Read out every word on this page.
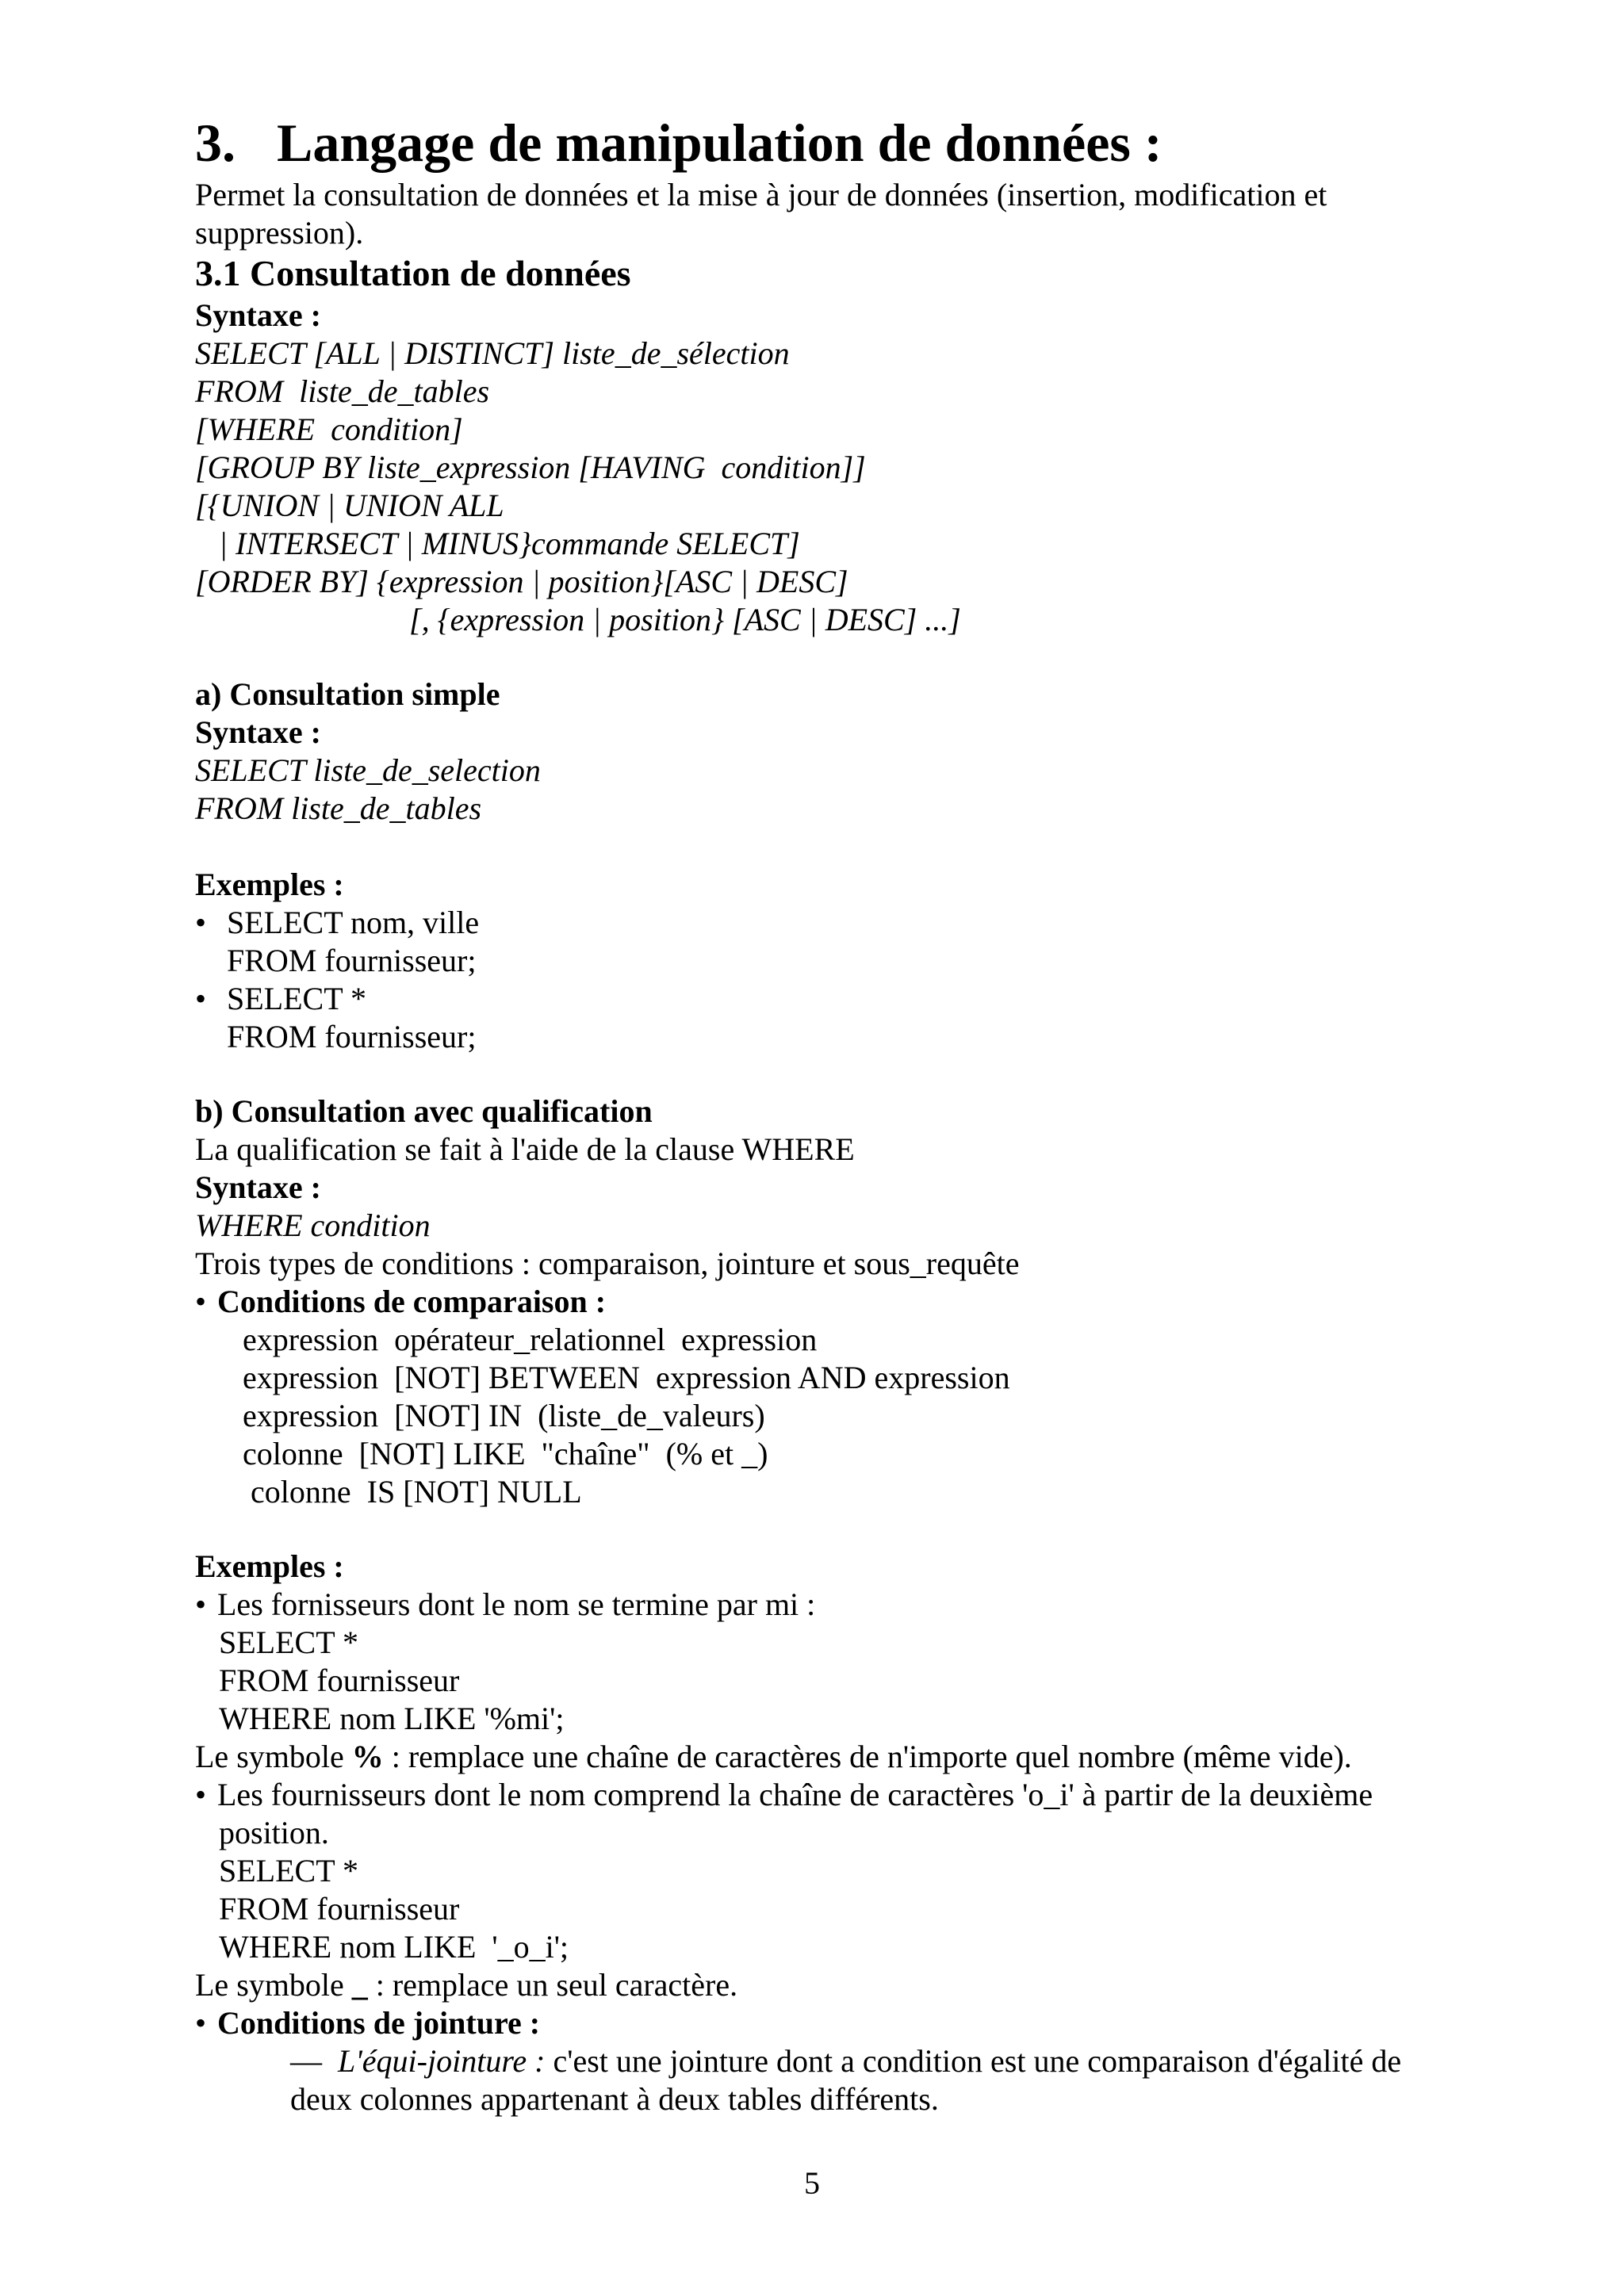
3. Langage de manipulation de données :
Permet la consultation de données et la mise à jour de données (insertion, modification et
suppression).
3.1 Consultation de données
Syntaxe :
SELECT [ALL | DISTINCT] liste_de_sélection
FROM  liste_de_tables
[WHERE  condition]
[GROUP BY liste_expression [HAVING  condition]]
[{UNION | UNION ALL
| INTERSECT | MINUS}commande SELECT]
[ORDER BY] {expression | position}[ASC | DESC]
[, {expression | position} [ASC | DESC] ...]
a) Consultation simple
Syntaxe :
SELECT liste_de_selection
FROM liste_de_tables
Exemples :
• SELECT nom, ville
FROM fournisseur;
• SELECT *
FROM fournisseur;
b) Consultation avec qualification
La qualification se fait à l'aide de la clause WHERE
Syntaxe :
WHERE condition
Trois types de conditions : comparaison, jointure et sous_requête
• Conditions de comparaison :
expression  opérateur_relationnel  expression
expression  [NOT] BETWEEN  expression AND expression
expression  [NOT] IN  (liste_de_valeurs)
colonne  [NOT] LIKE  "chaîne"  (% et _)
colonne  IS [NOT] NULL
Exemples :
• Les fornisseurs dont le nom se termine par mi :
SELECT *
FROM fournisseur
WHERE nom LIKE '%mi';
Le symbole % : remplace une chaîne de caractères de n'importe quel nombre (même vide).
• Les fournisseurs dont le nom comprend la chaîne de caractères 'o_i' à partir de la deuxième
position.
SELECT *
FROM fournisseur
WHERE nom LIKE  '_o_i';
Le symbole _ : remplace un seul caractère.
• Conditions de jointure :
— L'équi-jointure : c'est une jointure dont a condition est une comparaison d'égalité de
deux colonnes appartenant à deux tables différents.
5
